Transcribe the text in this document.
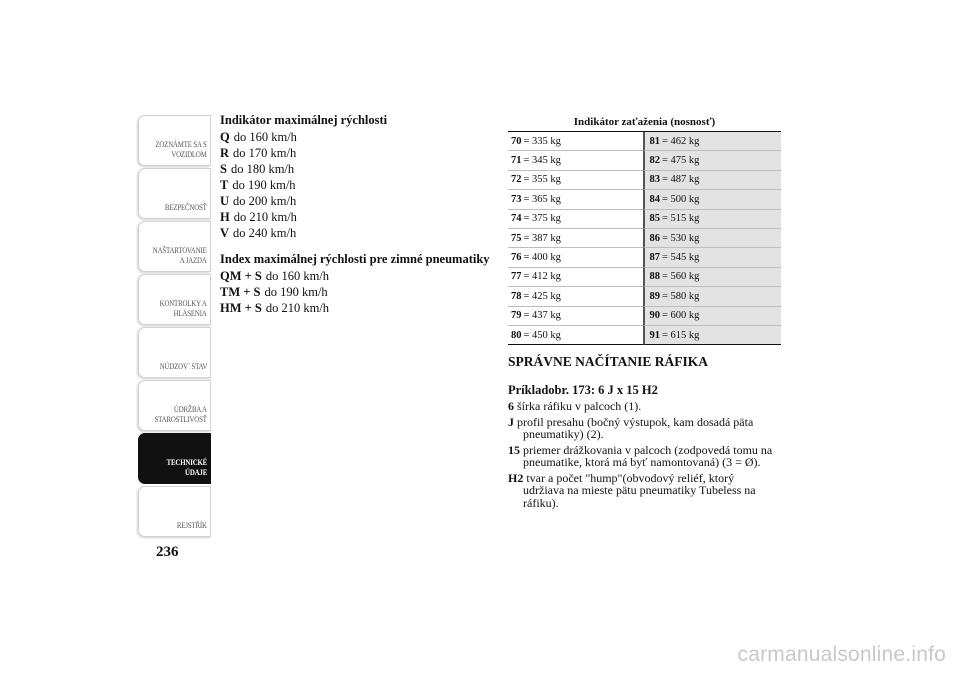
ZOZNÁMTE SA S
VOZIDLOM
BEZPEČNOSŤ
NAŠTARTOVANIE
A JAZDA
KONTROLKY A
HLÁSENIA
NÚDZOV´ STAV
ÚDRŽBA A
STAROSTLIVOSŤ
TECHNICKÉ
ÚDAJE
REJSTŘÍK
236
Indikátor maximálnej rýchlosti
Q do 160 km/h
R do 170 km/h
S do 180 km/h
T do 190 km/h
U do 200 km/h
H do 210 km/h
V do 240 km/h
Index maximálnej rýchlosti pre zimné pneumatiky
QM + S do 160 km/h
TM + S do 190 km/h
HM + S do 210 km/h
Indikátor zaťaženia (nosnosť)
70 = 335 kg	81 = 462 kg
71 = 345 kg	82 = 475 kg
72 = 355 kg	83 = 487 kg
73 = 365 kg	84 = 500 kg
74 = 375 kg	85 = 515 kg
75 = 387 kg	86 = 530 kg
76 = 400 kg	87 = 545 kg
77 = 412 kg	88 = 560 kg
78 = 425 kg	89 = 580 kg
79 = 437 kg	90 = 600 kg
80 = 450 kg	91 = 615 kg
SPRÁVNE NAČÍTANIE RÁFIKA
Príkladobr. 173: 6 J x 15 H2
6 šírka ráfiku v palcoch (1).
J profil presahu (bočný výstupok, kam dosadá päta pneumatiky) (2).
15 priemer drážkovania v palcoch (zodpovedá tomu na pneumatike, ktorá má byť namontovaná) (3 = Ø).
H2 tvar a počet "hump"(obvodový reliéf, ktorý udržiava na mieste pätu pneumatiky Tubeless na ráfiku).
carmanualsonline.info
